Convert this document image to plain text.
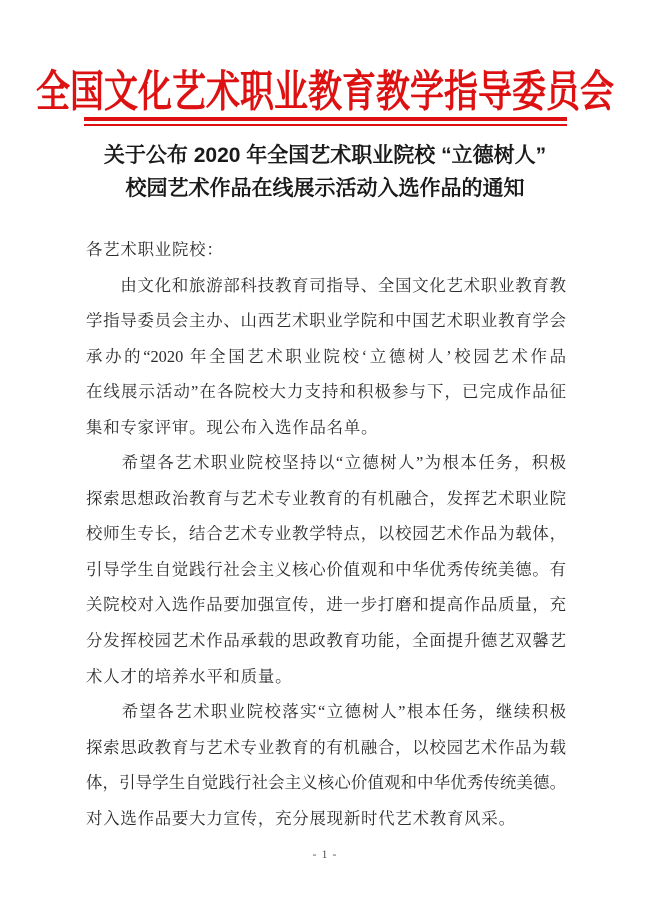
全国文化艺术职业教育教学指导委员会
关于公布 2020 年全国艺术职业院校 “立德树人”
校园艺术作品在线展示活动入选作品的通知
各艺术职业院校：
　　由文化和旅游部科技教育司指导、全国文化艺术职业教育教
学指导委员会主办、山西艺术职业学院和中国艺术职业教育学会
承办的“2020 年全国艺术职业院校‘立德树人’校园艺术作品
在线展示活动”在各院校大力支持和积极参与下，已完成作品征
集和专家评审。现公布入选作品名单。
　　希望各艺术职业院校坚持以“立德树人”为根本任务，积极
探索思想政治教育与艺术专业教育的有机融合，发挥艺术职业院
校师生专长，结合艺术专业教学特点，以校园艺术作品为载体，
引导学生自觉践行社会主义核心价值观和中华优秀传统美德。有
关院校对入选作品要加强宣传，进一步打磨和提高作品质量，充
分发挥校园艺术作品承载的思政教育功能，全面提升德艺双馨艺
术人才的培养水平和质量。
　　希望各艺术职业院校落实“立德树人”根本任务，继续积极
探索思政教育与艺术专业教育的有机融合，以校园艺术作品为载
体，引导学生自觉践行社会主义核心价值观和中华优秀传统美德。
对入选作品要大力宣传，充分展现新时代艺术教育风采。
- 1 -
